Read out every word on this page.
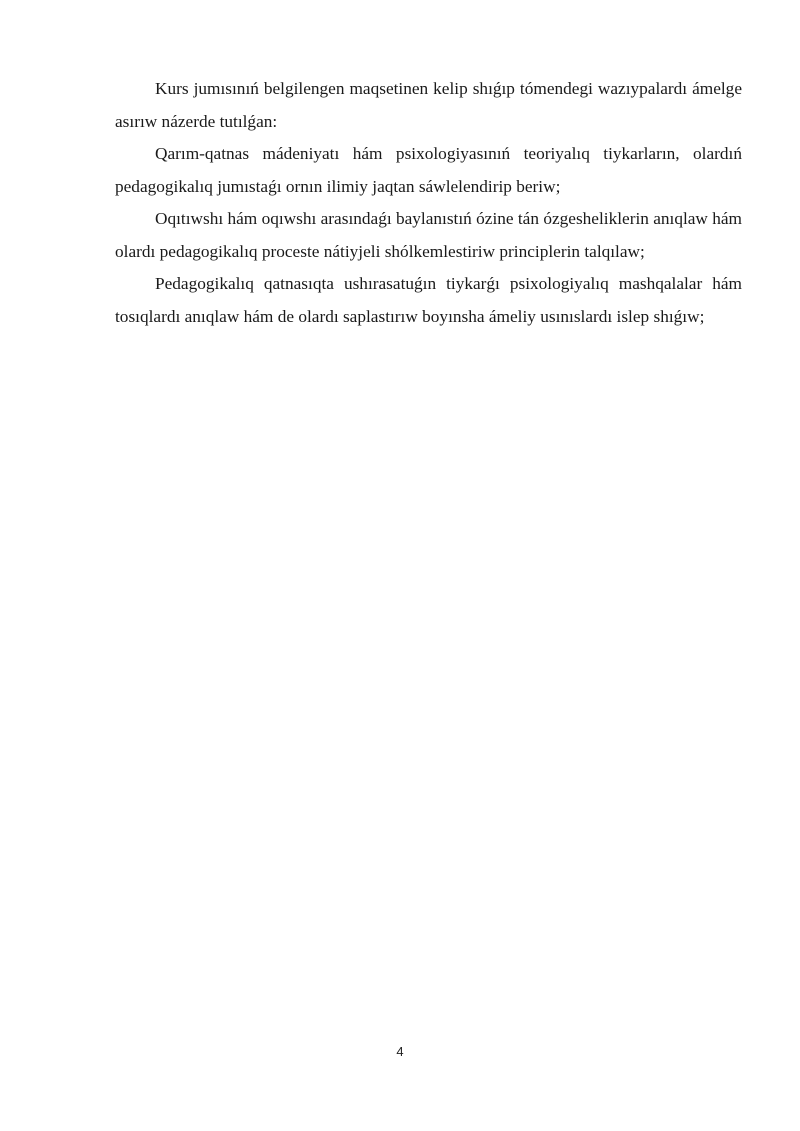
Kurs jumısınıń belgilengen maqsetinen kelip shıǵıp tómendegi wazıypalardı ámelge asırıw názerde tutılǵan:

Qarım-qatnas mádeniyatı hám psixologiyasınıń teoriyalıq tiykarların, olardıń pedagogikalıq jumıstaǵı ornın ilimiy jaqtan sáwlelendirip beriw;

Oqıtıwshı hám oqıwshı arasındaǵı baylanıstıń ózine tán ózgesheliklerin anıqlaw hám olardı pedagogikalıq proceste nátiyjeli shólkemlestiriw principlerin talqılaw;

Pedagogikalıq qatnasıqta ushırasatuǵın tiykarǵı psixologiyalıq mashqalalar hám tosıqlardı anıqlaw hám de olardı saplastırıw boyınsha ámeliy usınıslardı islep shıǵıw;

4
